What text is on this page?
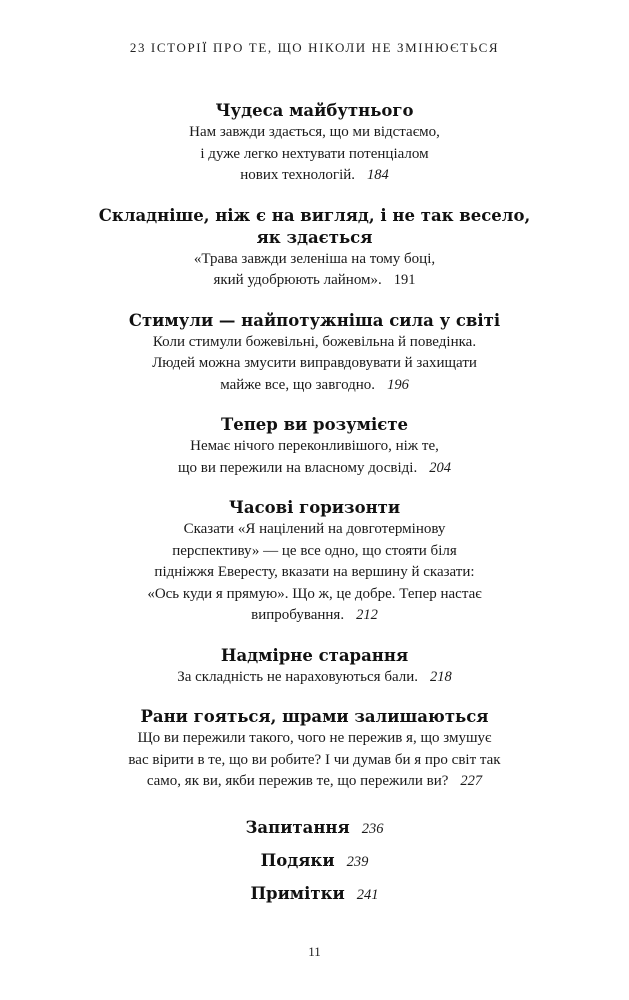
23 ІСТОРІЇ ПРО ТЕ, ЩО НІКОЛИ НЕ ЗМІНЮЄТЬСЯ
Чудеса майбутнього
Нам завжди здається, що ми відстаємо,
і дуже легко нехтувати потенціалом
нових технологій. 184
Складніше, ніж є на вигляд, і не так весело,
як здається
«Трава завжди зеленіша на тому боці,
який удобрюють лайном». 191
Стимули — найпотужніша сила у світі
Коли стимули божевільні, божевільна й поведінка.
Людей можна змусити виправдовувати й захищати
майже все, що завгодно. 196
Тепер ви розумієте
Немає нічого переконливішого, ніж те,
що ви пережили на власному досвіді. 204
Часові горизонти
Сказати «Я націлений на довготермінову
перспективу» — це все одно, що стояти біля
підніжжя Евересту, вказати на вершину й сказати:
«Ось куди я прямую». Що ж, це добре. Тепер настає
випробування. 212
Надмірне старання
За складність не нараховуються бали. 218
Рани гояться, шрами залишаються
Що ви пережили такого, чого не пережив я, що змушує
вас вірити в те, що ви робите? І чи думав би я про світ так
само, як ви, якби пережив те, що пережили ви? 227
Запитання 236
Подяки 239
Примітки 241
11
